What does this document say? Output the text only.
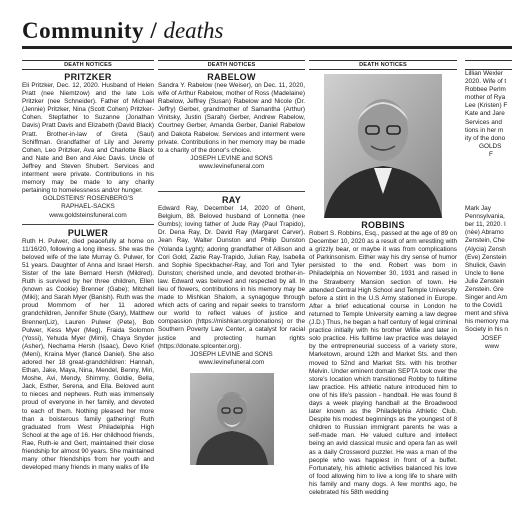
Community / deaths
DEATH NOTICES
PRITZKER

Eli Pritzker, Dec. 12, 2020. Husband of Helen Pratt (nee Niemtzow) and the late Lois Pritzker (nee Schneider). Father of Michael (Jennie) Pritzker, Nina (Scott Cohen) Pritzker-Cohen. Stepfather to Suzanne (Jonathan Davis) Pratt Davis and Elizabeth (David Black) Pratt. Brother-in-law of Greta (Saul) Schiffman. Grandfather of Lily and Jeremy Cohen, Leo Pritzker, Ava and Charlotte Black and Nate and Ben and Alec Davis. Uncle of Jeffrey and Steven Shubert. Services and interment were private. Contributions in his memory may be made to any charity pertaining to homelessness and/or hunger.

GOLDSTEINS' ROSENBERG'S

RAPHAEL-SACKS

www.goldsteinsfuneral.com

PULWER

Ruth H. Pulwer, died peacefully at home on 11/16/20, following a long illness. She was the beloved wife of the late Murray G. Pulwer, for 51 years. Daughter of Anna and Israel Hersh. Sister of the late Bernard Hersh (Mildred). Ruth is survived by her three children, Ellen (known as Cookie) Brenner (Gabe); Mitchell (Miki); and Sarah Myer (Banish). Ruth was the proud Mommom of her 11 adored grandchildren, Jennifer Shute (Gary), Matthew Brenner(Liz), Lauren Pulwer (Pete), Bob Pulwer, Kess Myer (Meg), Fraida Solomon (Yossi), Yehuda Myer (Mimi), Chaya Snyder (Asher), Nechama Hersh (Isaac), Devo Krief (Meni), Kraina Myer (fiancé Daniel). She also adored her 18 great-grandchildren: Hannah, Ethan, Jake, Maya, Nina, Mendel, Benny, Miri, Moshe, Avi, Mendy, Shimmy, Goldie, Bella, Jack, Esther, Serena, and Ella. Beloved aunt to nieces and nephews. Ruth was immensely proud of everyone in her family, and devoted to each of them. Nothing pleased her more than a boisterous family gathering! Ruth graduated from West Philadelphia High School at the age of 16. Her childhood friends, Rae, Ruth-ie and Gert, maintained their close friendship for almost 90 years. She maintained many other friendships from her youth and developed many friends in many walks of life

DEATH NOTICES
RABELOW

Sandra Y. Rabelow (nee Weiser), on Dec. 11, 2020, wife of Arthur Rabelow, mother of Ross (Madelaine) Rabelow, Jeffrey (Susan) Rabelow and Nicole (Dr. Jeffry) Gerber, grandmother of Samantha (Arthur) Vinitsky, Justin (Sarah) Gerber, Andrew Rabelow, Courtney Gerber, Amanda Gerber, Daniel Rabelow and Dakota Rabelow. Services and interment were private. Contributions in her memory may be made to a charity of the donor's choice.

JOSEPH LEVINE and SONS

www.levinefuneral.com

RAY

Edward Ray, December 14, 2020 of Ghent, Belgium, 88. Beloved husband of Lonnetta (nee Gumbs); loving father of Jude Ray (Paul Trapido), Dr. Dena Ray, Dr. David Ray (Margaret Carver), Jean Ray, Walter Dunston and Philip Dunston (Yolanda Lyght); adoring grandfather of Allison and Cori Gold, Zazie Ray-Trapido, Julian Ray, Isabella and Sophie Speckbacher-Ray, and Tori and Tyler Dunston; cherished uncle, and devoted brother-in-law. Edward was beloved and respected by all. In lieu of flowers, contributions in his memory may be made to Mishkan Shalom, a synagogue through which acts of caring and repair seeks to transform our world to reflect values of justice and compassion (https://mishkan.org/donations) or the Southern Poverty Law Center, a catalyst for racial justice and protecting human rights (https://donate.splcenter.org).

JOSEPH LEVINE and SONS

www.levinefuneral.com

DEATH NOTICES
ROBBINS

Robert S. Robbins, Esq., passed at the age of 89 on December 10, 2020 as a result of arm wrestling with a grizzly bear, or maybe it was from complications of Parkinsonism. Either way his dry sense of humor persisted to the end. Robert was born in Philadelphia on November 30, 1931 and raised in the Strawberry Mansion section of town. He attended Central High School and Temple University before a stint in the U.S Army stationed in Europe. After a brief educational course in London he returned to Temple University earning a law degree (J.D.) Thus, he began a half century of legal criminal practice initially with his brother Willie and later in solo practice. His fulltime law practice was delayed by the entrepreneurial success of a variety store, Marketown, around 12th and Market Sts. and then moved to 52nd and Market Sts. with his brother Melvin. Under eminent domain SEPTA took over the store's location which transitioned Robby to fulltime law practice. His athletic nature introduced him to one of his life's passion - handball. He was found 8 days a week playing handball at the Broadwood later known as the Philadelphia Athletic Club. Despite his modest beginnings as the youngest of 8 children to Russian immigrant parents he was a self-made man. He valued culture and intellect being an avid classical music and opera fan as well as a daily Crossword puzzler. He was a man of the people who was happiest in front of a buffet. Fortunately, his athletic activities balanced his love of food allowing him to live a long life to share with his family and many dogs. A few months ago, he celebrated his 58th wedding

Lillian Wexler

2020. Wife of t

Robbee Perlm

mother of Rya

Lee (Kristen) F

Kate and Jare

Services and

tions in her m

ity of the dono

GOLDS

F

Mark Jay

Pennsylvania,

ber 11, 2020. I

(nèe) Abramo

Zenstein, Che

(Alycia) Zensh

(Eve) Zenstein

Shulick, Gavin

Uncle to Ilene

Julie Zenstein

Zenstein. Gre

Singer and Am

to the Covid1

ment and shiva

his memory ma

Society in his n

JOSEF

www
